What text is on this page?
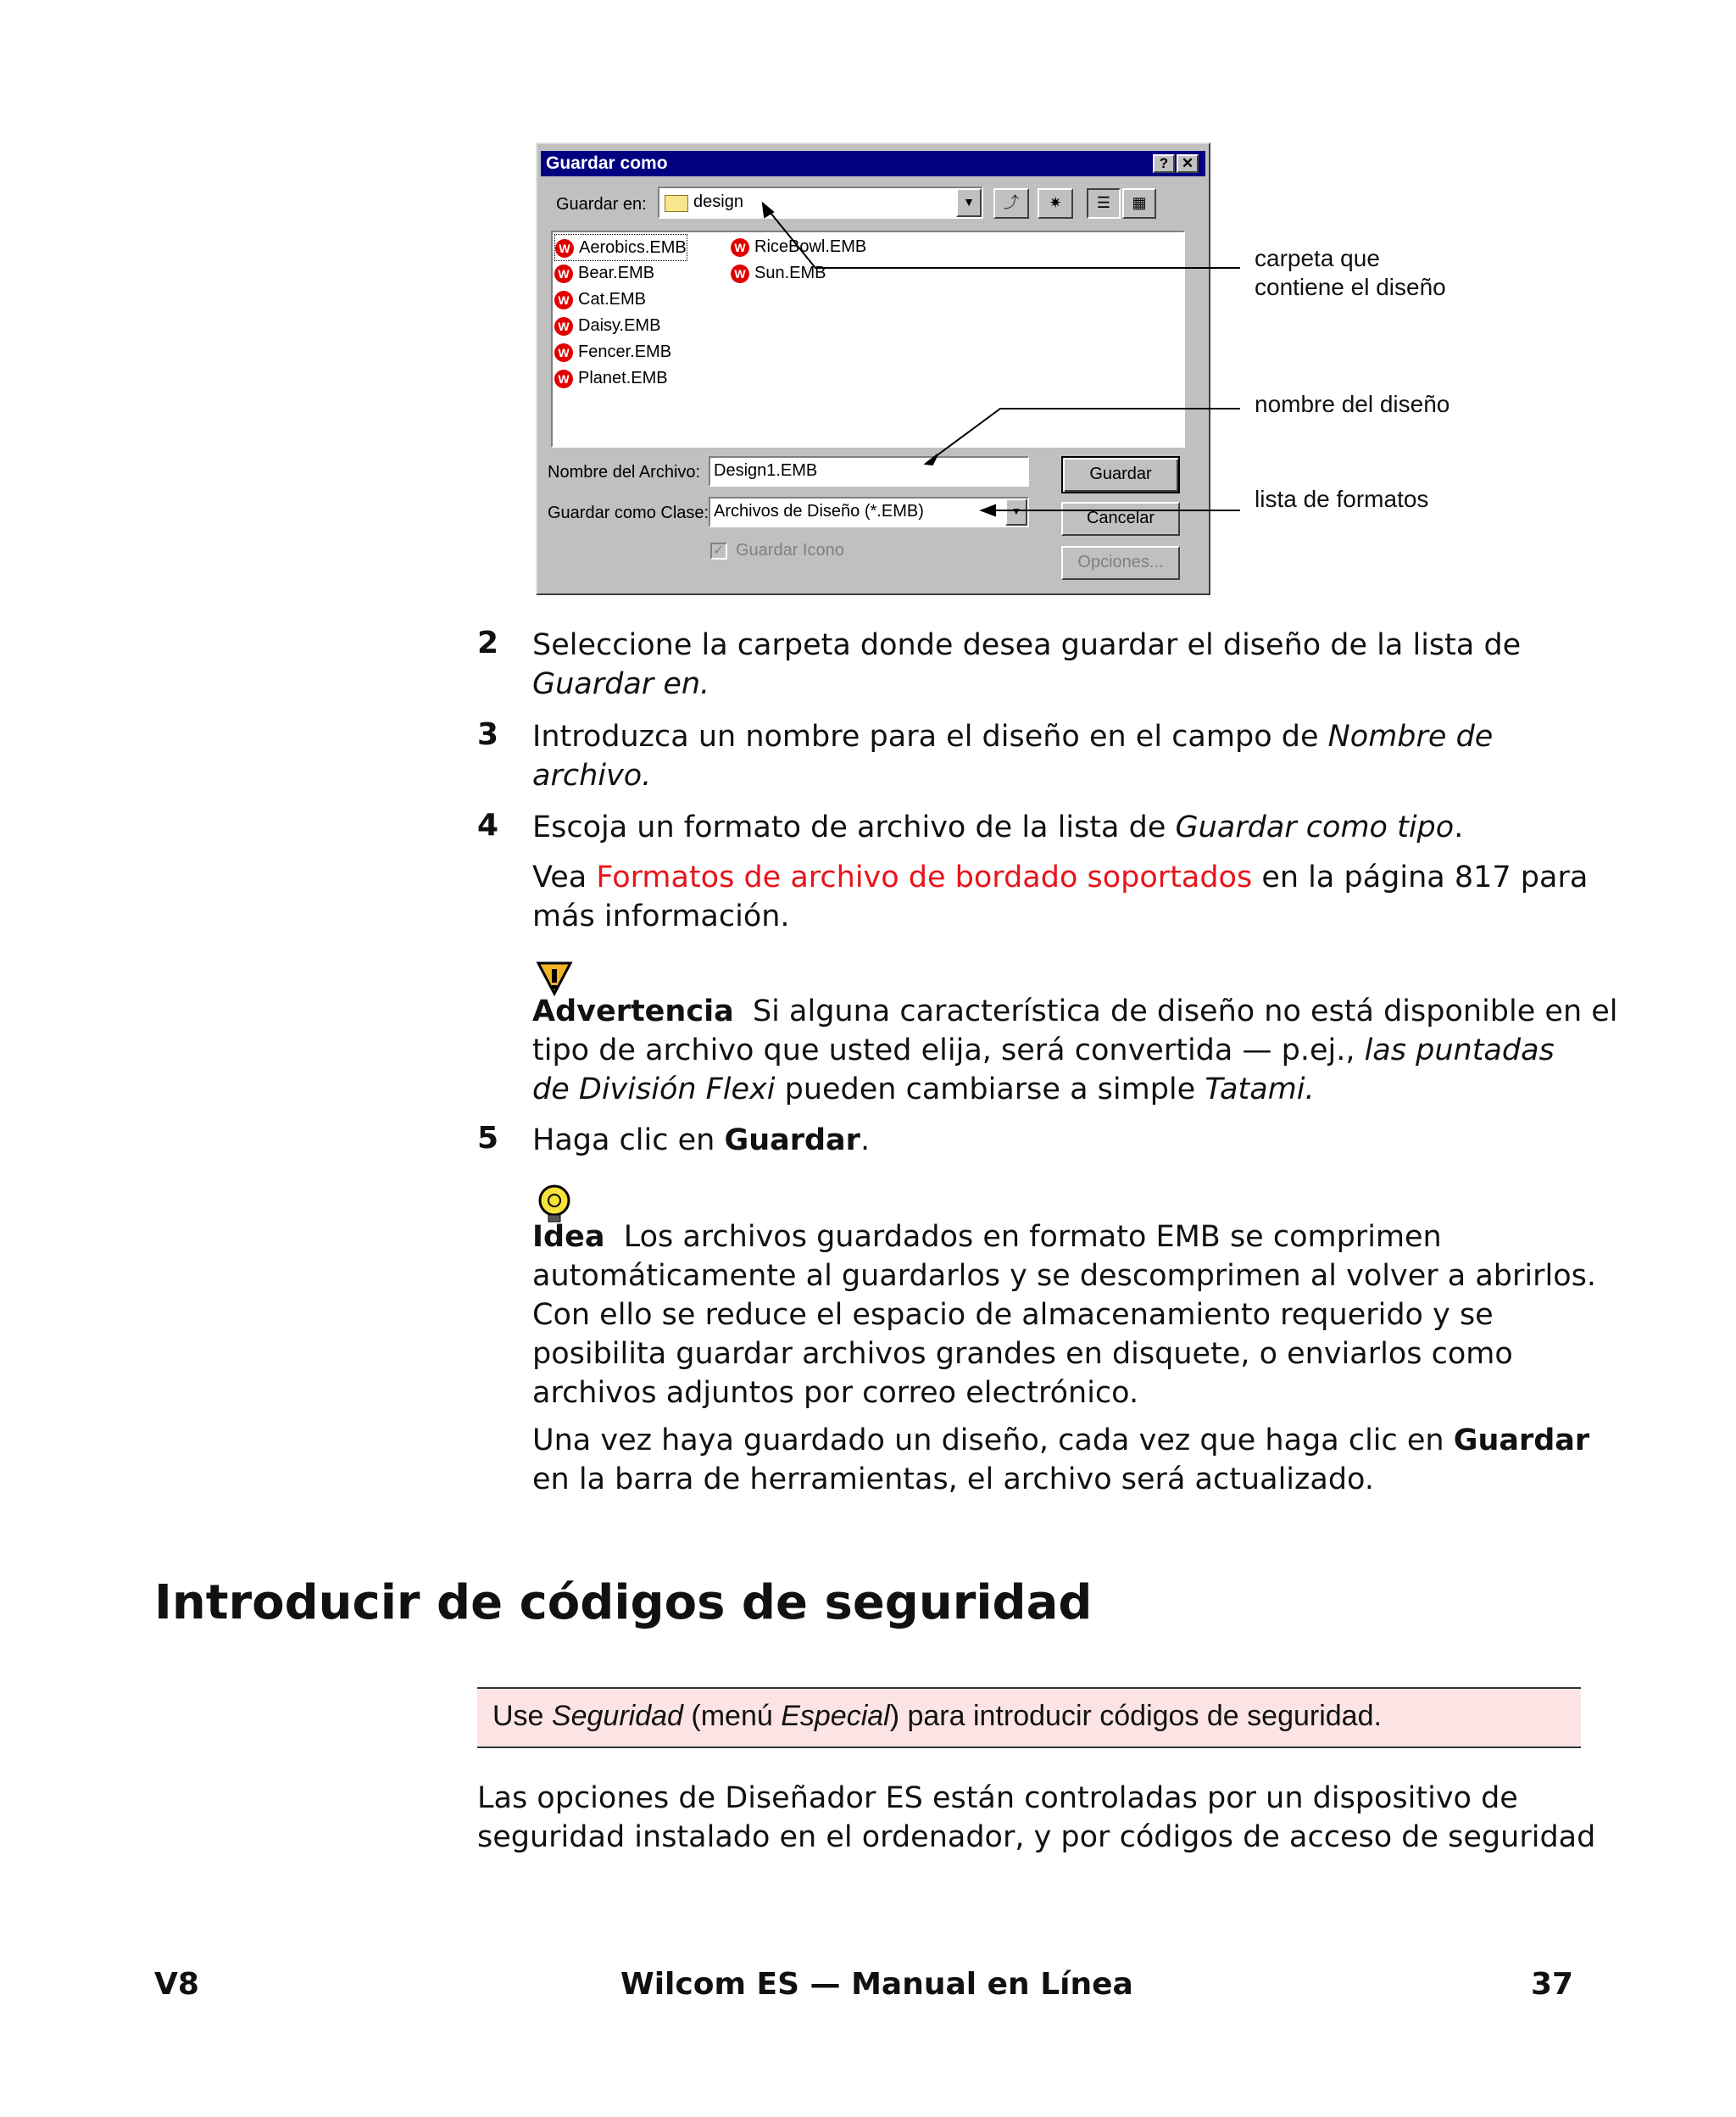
Guardar como	? ✕
Guardar en:	design	▼	⤴	✷	☰	▦
W Aerobics.EMB
W Bear.EMB
W Cat.EMB
W Daisy.EMB
W Fencer.EMB
W Planet.EMB
W RiceBowl.EMB
W Sun.EMB
Nombre del Archivo: Design1.EMB
Guardar como Clase: Archivos de Diseño (*.EMB)	▼
✓ Guardar Icono
Guardar
Cancelar
Opciones...
carpeta que
contiene el diseño
nombre del diseño
lista de formatos
2 Seleccione la carpeta donde desea guardar el diseño de la lista de
Guardar en.
3 Introduzca un nombre para el diseño en el campo de Nombre de
archivo.
4 Escoja un formato de archivo de la lista de Guardar como tipo.
Vea Formatos de archivo de bordado soportados en la página 817 para
más información.
Advertencia Si alguna característica de diseño no está disponible en el
tipo de archivo que usted elija, será convertida — p.ej., las puntadas
de División Flexi pueden cambiarse a simple Tatami.
5 Haga clic en Guardar.
Idea Los archivos guardados en formato EMB se comprimen
automáticamente al guardarlos y se descomprimen al volver a abrirlos.
Con ello se reduce el espacio de almacenamiento requerido y se
posibilita guardar archivos grandes en disquete, o enviarlos como
archivos adjuntos por correo electrónico.
Una vez haya guardado un diseño, cada vez que haga clic en Guardar
en la barra de herramientas, el archivo será actualizado.
Introducir de códigos de seguridad
Use Seguridad (menú Especial) para introducir códigos de seguridad.
Las opciones de Diseñador ES están controladas por un dispositivo de
seguridad instalado en el ordenador, y por códigos de acceso de seguridad
V8	Wilcom ES — Manual en Línea	37
